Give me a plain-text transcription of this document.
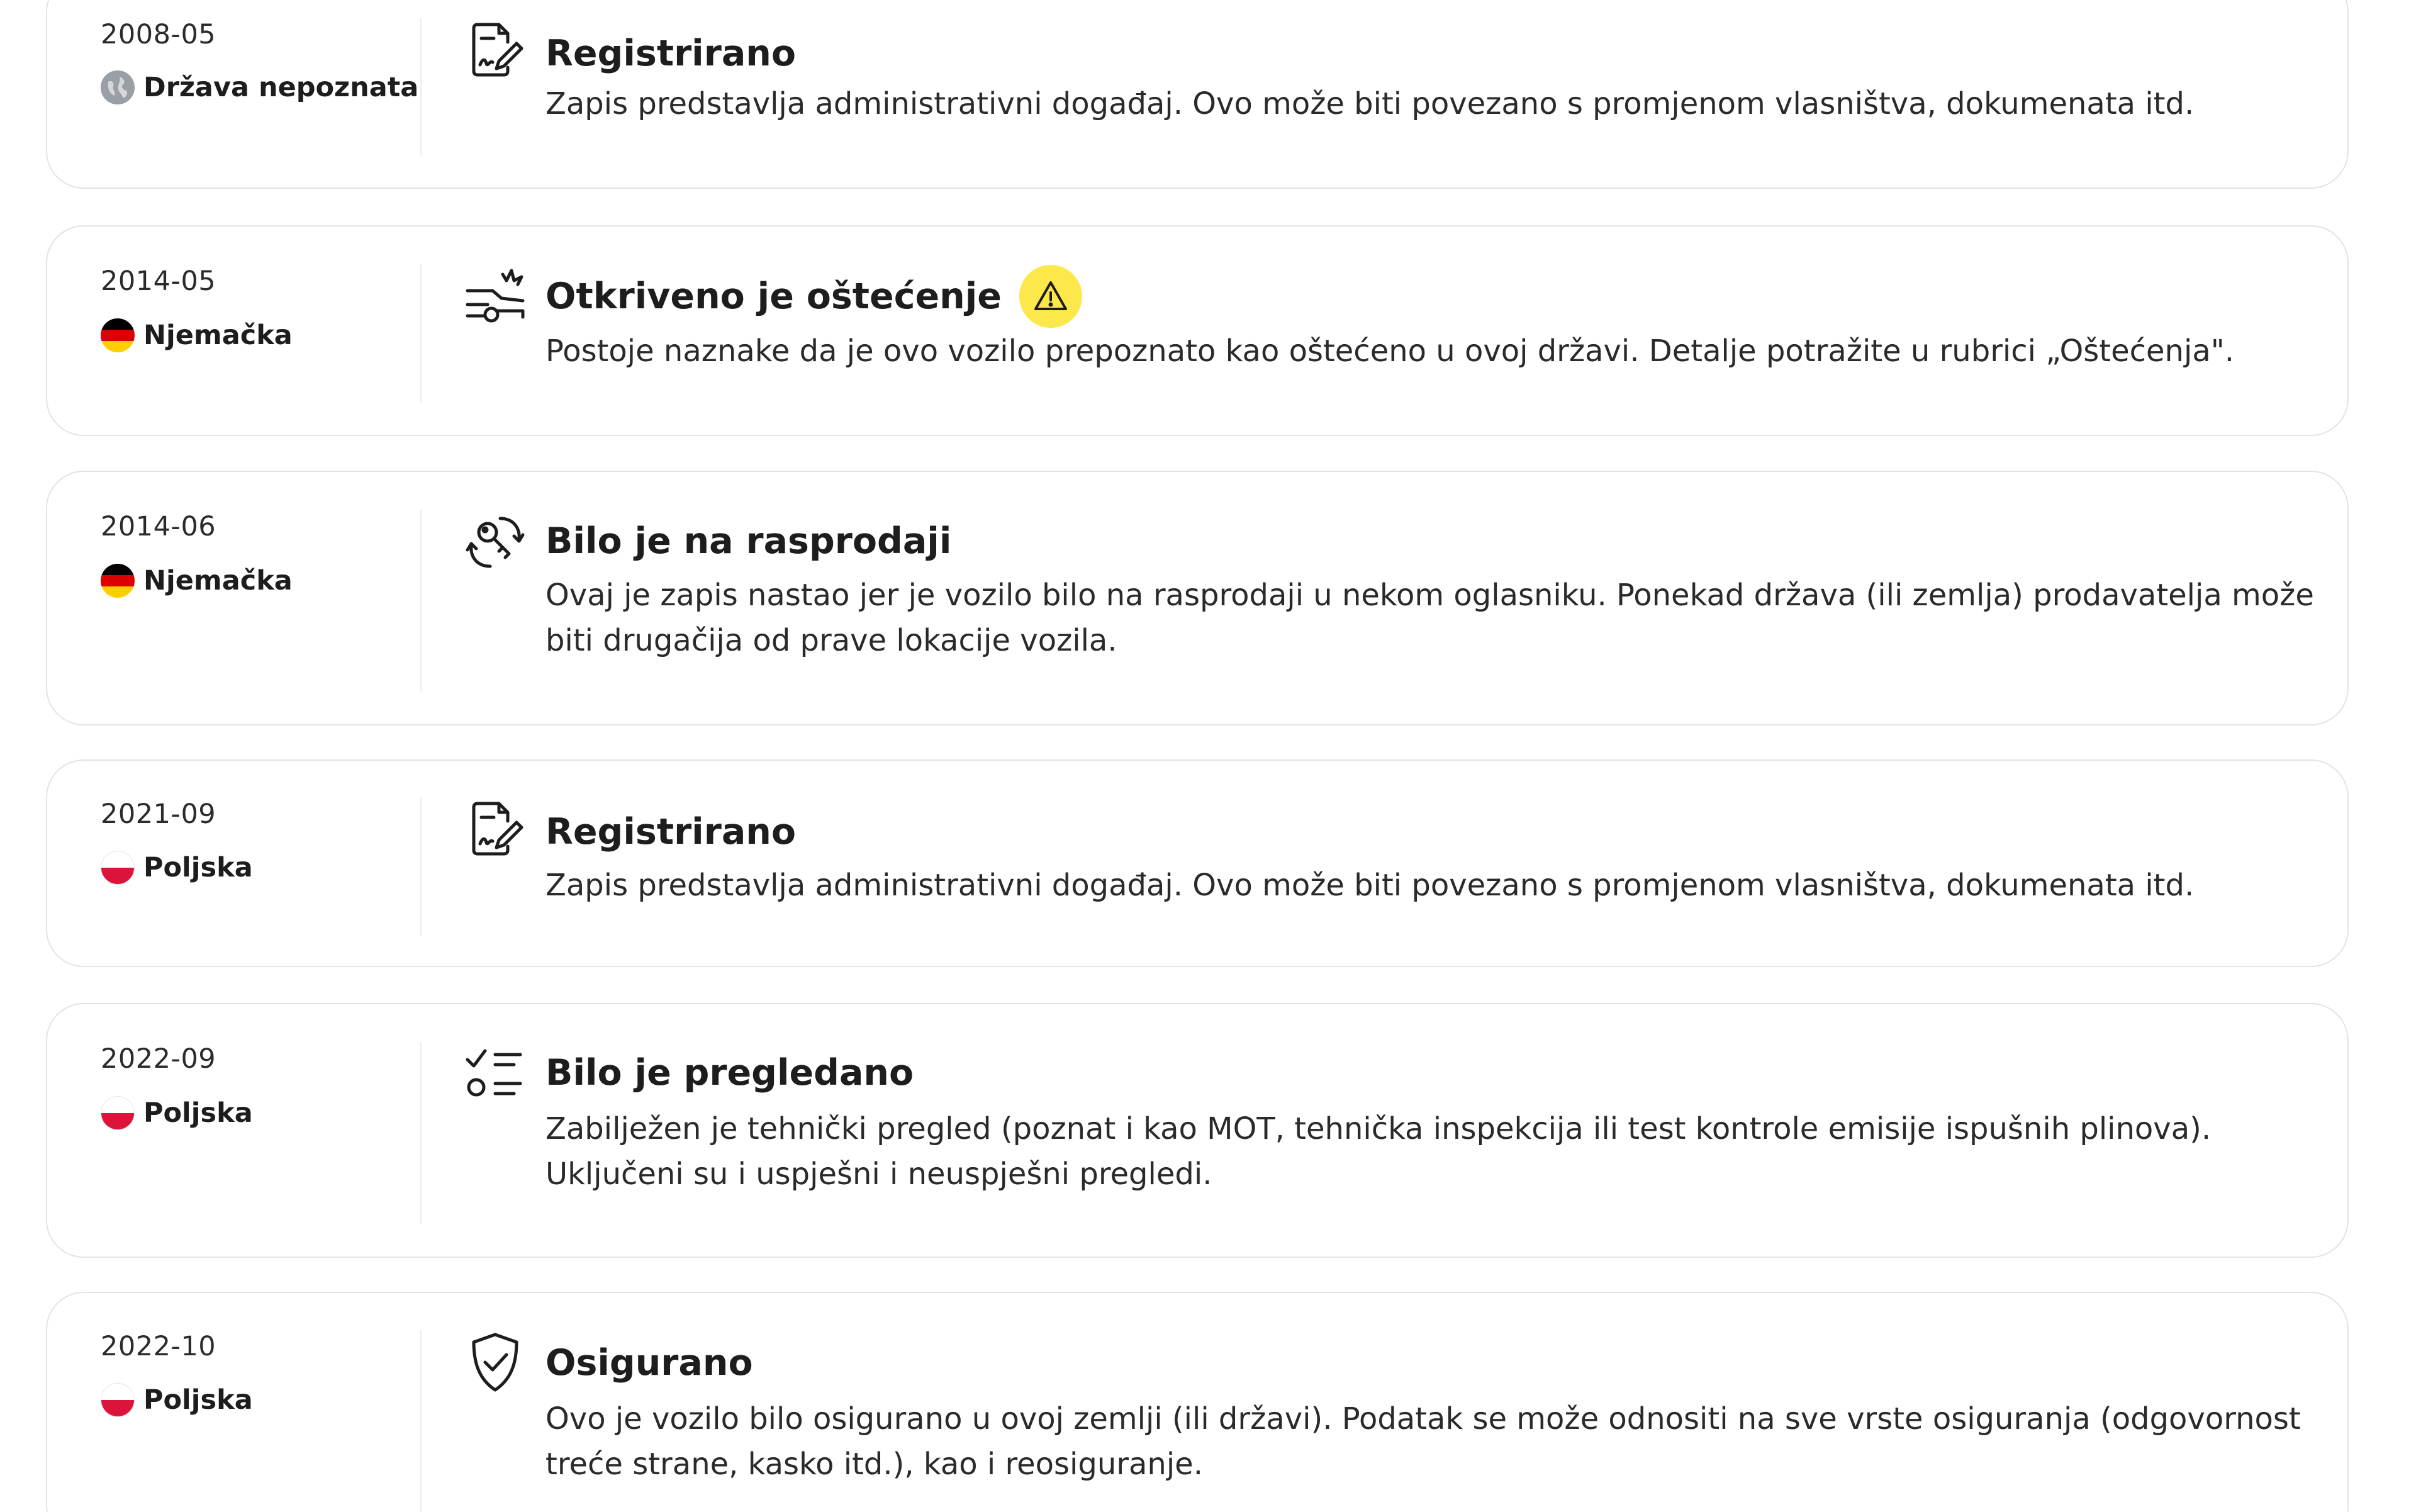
2008-05
Država nepoznata
Registrirano
Zapis predstavlja administrativni događaj. Ovo može biti povezano s promjenom vlasništva, dokumenata itd.
2014-05
Njemačka
Otkriveno je oštećenje
Postoje naznake da je ovo vozilo prepoznato kao oštećeno u ovoj državi. Detalje potražite u rubrici „Oštećenja".
2014-06
Njemačka
Bilo je na rasprodaji
Ovaj je zapis nastao jer je vozilo bilo na rasprodaji u nekom oglasniku. Ponekad država (ili zemlja) prodavatelja može biti drugačija od prave lokacije vozila.
2021-09
Poljska
Registrirano
Zapis predstavlja administrativni događaj. Ovo može biti povezano s promjenom vlasništva, dokumenata itd.
2022-09
Poljska
Bilo je pregledano
Zabilježen je tehnički pregled (poznat i kao MOT, tehnička inspekcija ili test kontrole emisije ispušnih plinova). Uključeni su i uspješni i neuspješni pregledi.
2022-10
Poljska
Osigurano
Ovo je vozilo bilo osigurano u ovoj zemlji (ili državi). Podatak se može odnositi na sve vrste osiguranja (odgovornost treće strane, kasko itd.), kao i reosiguranje.
